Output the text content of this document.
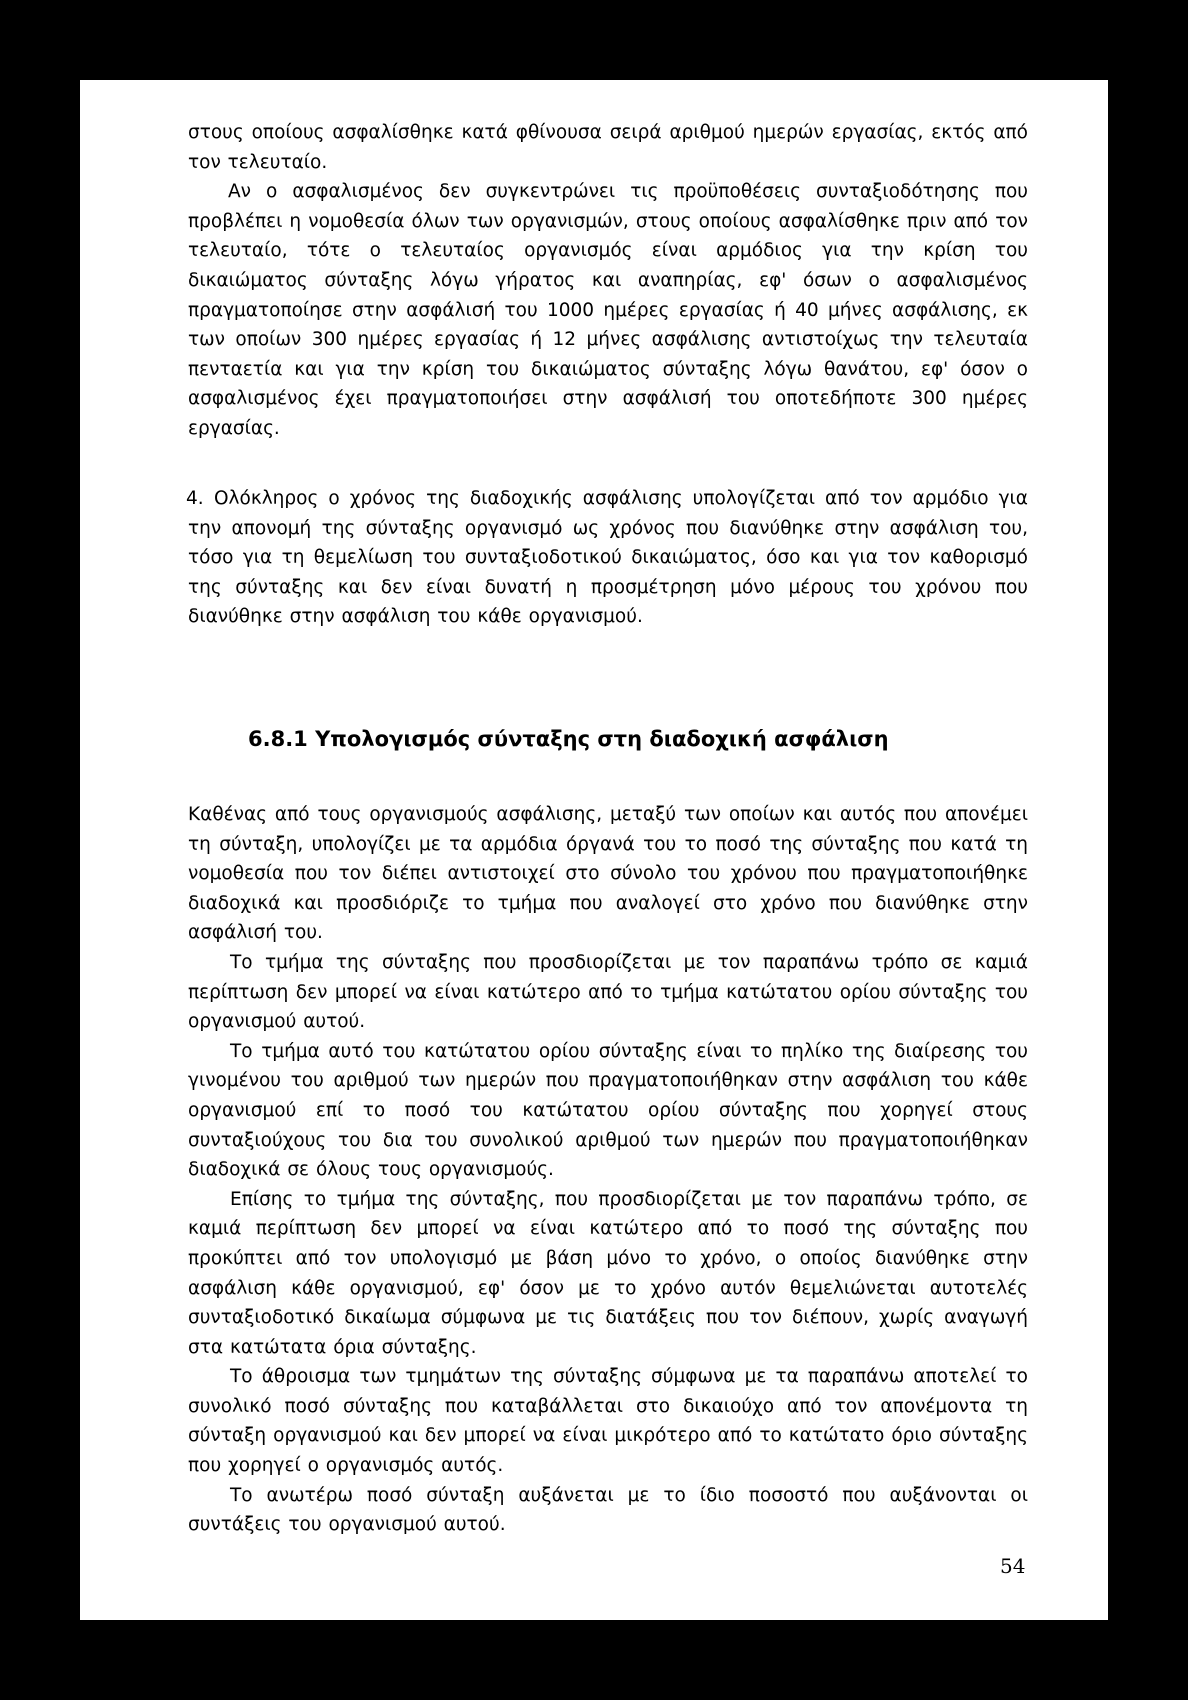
στους οποίους ασφαλίσθηκε κατά φθίνουσα σειρά αριθμού ημερών εργασίας, εκτός από τον τελευταίο.
Αν ο ασφαλισμένος δεν συγκεντρώνει τις προϋποθέσεις συνταξιοδότησης που προβλέπει η νομοθεσία όλων των οργανισμών, στους οποίους ασφαλίσθηκε πριν από τον τελευταίο, τότε ο τελευταίος οργανισμός είναι αρμόδιος για την κρίση του δικαιώματος σύνταξης λόγω γήρατος και αναπηρίας, εφ' όσων ο ασφαλισμένος πραγματοποίησε στην ασφάλισή του 1000 ημέρες εργασίας ή 40 μήνες ασφάλισης, εκ των οποίων 300 ημέρες εργασίας ή 12 μήνες ασφάλισης αντιστοίχως την τελευταία πενταετία και για την κρίση του δικαιώματος σύνταξης λόγω θανάτου, εφ' όσον ο ασφαλισμένος έχει πραγματοποιήσει στην ασφάλισή του οποτεδήποτε 300 ημέρες εργασίας.
4. Ολόκληρος ο χρόνος της διαδοχικής ασφάλισης υπολογίζεται από τον αρμόδιο για την απονομή της σύνταξης οργανισμό ως χρόνος που διανύθηκε στην ασφάλιση του, τόσο για τη θεμελίωση του συνταξιοδοτικού δικαιώματος, όσο και για τον καθορισμό της σύνταξης και δεν είναι δυνατή η προσμέτρηση μόνο μέρους του χρόνου που διανύθηκε στην ασφάλιση του κάθε οργανισμού.
6.8.1 Υπολογισμός σύνταξης στη διαδοχική ασφάλιση

Καθένας από τους οργανισμούς ασφάλισης, μεταξύ των οποίων και αυτός που απονέμει τη σύνταξη, υπολογίζει με τα αρμόδια όργανά του το ποσό της σύνταξης που κατά τη νομοθεσία που τον διέπει αντιστοιχεί στο σύνολο του χρόνου που πραγματοποιήθηκε διαδοχικά και προσδιόριζε το τμήμα που αναλογεί στο χρόνο που διανύθηκε στην ασφάλισή του.

Το τμήμα της σύνταξης που προσδιορίζεται με τον παραπάνω τρόπο σε καμιά περίπτωση δεν μπορεί να είναι κατώτερο από το τμήμα κατώτατου ορίου σύνταξης του οργανισμού αυτού.

Το τμήμα αυτό του κατώτατου ορίου σύνταξης είναι το πηλίκο της διαίρεσης του γινομένου του αριθμού των ημερών που πραγματοποιήθηκαν στην ασφάλιση του κάθε οργανισμού επί το ποσό του κατώτατου ορίου σύνταξης που χορηγεί στους συνταξιούχους του δια του συνολικού αριθμού των ημερών που πραγματοποιήθηκαν διαδοχικά σε όλους τους οργανισμούς.

Επίσης το τμήμα της σύνταξης, που προσδιορίζεται με τον παραπάνω τρόπο, σε καμιά περίπτωση δεν μπορεί να είναι κατώτερο από το ποσό της σύνταξης που προκύπτει από τον υπολογισμό με βάση μόνο το χρόνο, ο οποίος διανύθηκε στην ασφάλιση κάθε οργανισμού, εφ' όσον με το χρόνο αυτόν θεμελιώνεται αυτοτελές συνταξιοδοτικό δικαίωμα σύμφωνα με τις διατάξεις που τον διέπουν, χωρίς αναγωγή στα κατώτατα όρια σύνταξης.

Το άθροισμα των τμημάτων της σύνταξης σύμφωνα με τα παραπάνω αποτελεί το συνολικό ποσό σύνταξης που καταβάλλεται στο δικαιούχο από τον απονέμοντα τη σύνταξη οργανισμού και δεν μπορεί να είναι μικρότερο από το κατώτατο όριο σύνταξης που χορηγεί ο οργανισμός αυτός.

Το ανωτέρω ποσό σύνταξη αυξάνεται με το ίδιο ποσοστό που αυξάνονται οι συντάξεις του οργανισμού αυτού.

54
